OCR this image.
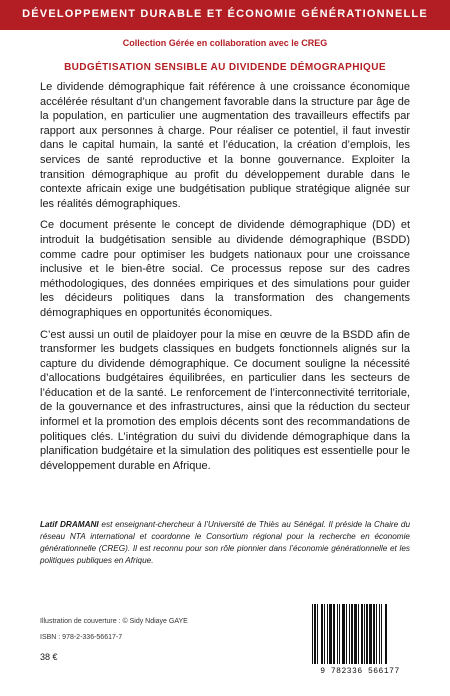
DÉVELOPPEMENT DURABLE ET ÉCONOMIE GÉNÉRATIONNELLE
Collection Gérée en collaboration avec le CREG
BUDGÉTISATION SENSIBLE AU DIVIDENDE DÉMOGRAPHIQUE

Le dividende démographique fait référence à une croissance économique accélérée résultant d’un changement favorable dans la structure par âge de la population, en particulier une augmentation des travailleurs effectifs par rapport aux personnes à charge. Pour réaliser ce potentiel, il faut investir dans le capital humain, la santé et l’éducation, la création d’emplois, les services de santé reproductive et la bonne gouvernance. Exploiter la transition démographique au profit du développement durable dans le contexte africain exige une budgétisation publique stratégique alignée sur les réalités démographiques.

Ce document présente le concept de dividende démographique (DD) et introduit la budgétisation sensible au dividende démographique (BSDD) comme cadre pour optimiser les budgets nationaux pour une croissance inclusive et le bien-être social. Ce processus repose sur des cadres méthodologiques, des données empiriques et des simulations pour guider les décideurs politiques dans la transformation des changements démographiques en opportunités économiques.

C’est aussi un outil de plaidoyer pour la mise en œuvre de la BSDD afin de transformer les budgets classiques en budgets fonctionnels alignés sur la capture du dividende démographique. Ce document souligne la nécessité d’allocations budgétaires équilibrées, en particulier dans les secteurs de l’éducation et de la santé. Le renforcement de l’interconnectivité territoriale, de la gouvernance et des infrastructures, ainsi que la réduction du secteur informel et la promotion des emplois décents sont des recommandations de politiques clés. L’intégration du suivi du dividende démographique dans la planification budgétaire et la simulation des politiques est essentielle pour le développement durable en Afrique.

Latif DRAMANI est enseignant-chercheur à l’Université de Thiès au Sénégal. Il préside la Chaire du réseau NTA international et coordonne le Consortium régional pour la recherche en économie générationnelle (CREG). Il est reconnu pour son rôle pionnier dans l’économie générationnelle et les politiques publiques en Afrique.
Illustration de couverture : © Sidy Ndiaye GAYE
ISBN : 978-2-336-56617-7
38 €
9 782336 566177
